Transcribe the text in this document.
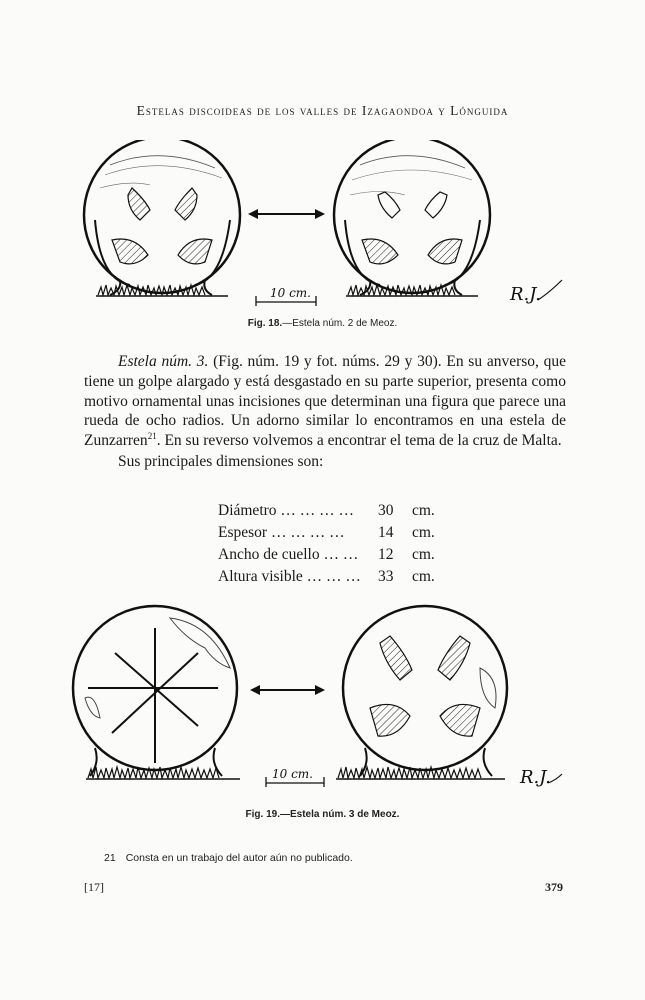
Estelas discoideas de los valles de Izagaondoa y Lónguida
10 cm.	R.J.
Fig. 18.—Estela núm. 2 de Meoz.

Estela núm. 3. (Fig. núm. 19 y fot. núms. 29 y 30). En su anverso, que tiene un golpe alargado y está desgastado en su parte superior, presenta como motivo ornamental unas incisiones que determinan una figura que parece una rueda de ocho radios. Un adorno similar lo encontramos en una estela de Zunzarren$^{21}$. En su reverso volvemos a encontrar el tema de la cruz de Malta.

Sus principales dimensiones son:

Diámetro … … … …	30	cm.
Espesor … … … …	14	cm.
Ancho de cuello … …	12	cm.
Altura visible … … …	33	cm.
10 cm.	R.J.
Fig. 19.—Estela núm. 3 de Meoz.
21 Consta en un trabajo del autor aún no publicado.
[17]	379
